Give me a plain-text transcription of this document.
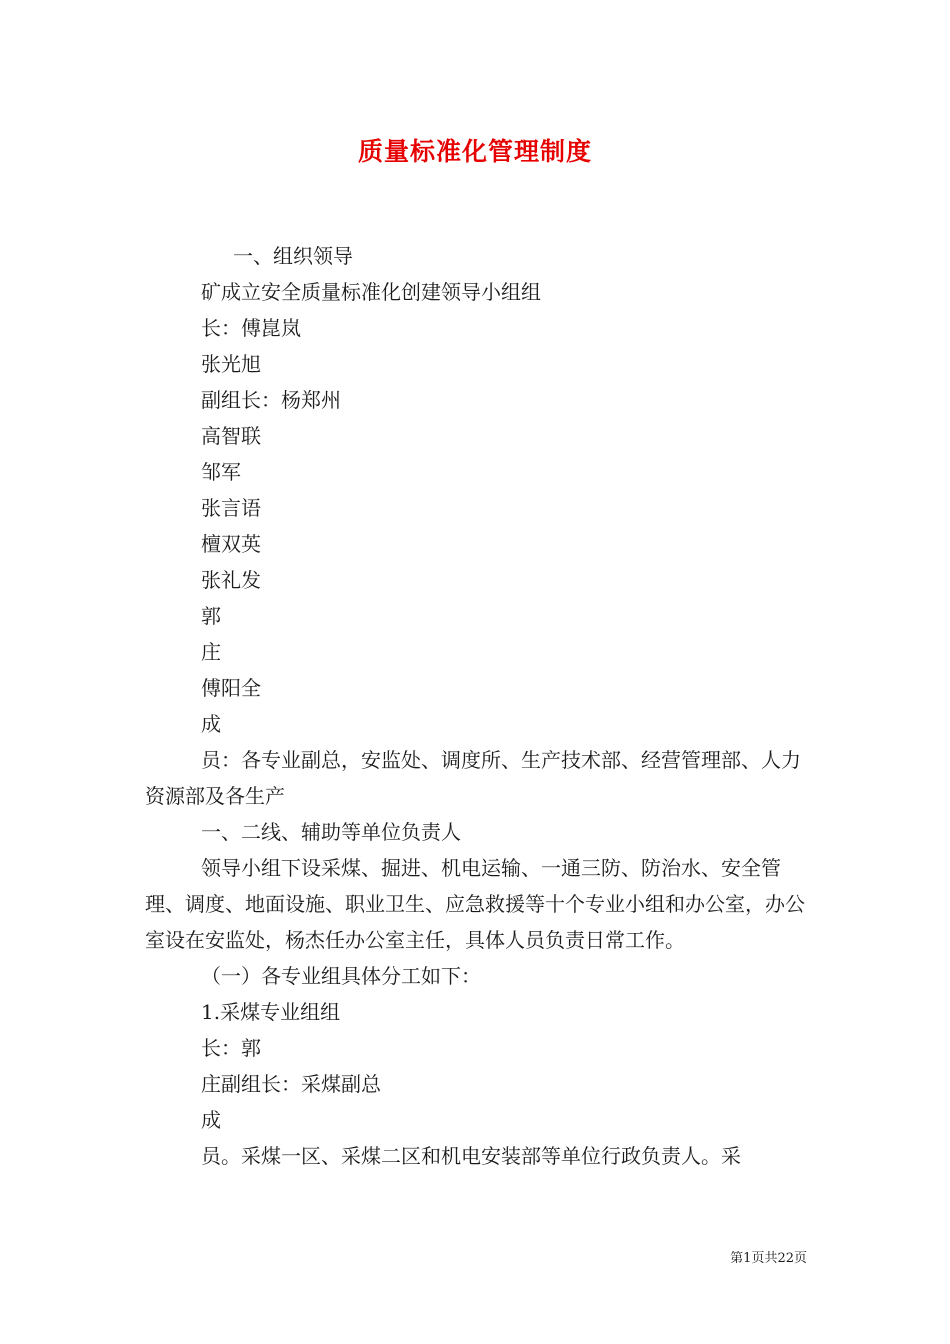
质量标准化管理制度

一、组织领导

矿成立安全质量标准化创建领导小组组

长：傅崑岚

张光旭

副组长：杨郑州

高智联

邹军

张言语

檀双英

张礼发

郭

庄

傅阳全

成

员：各专业副总，安监处、调度所、生产技术部、经营管理部、人力资源部及各生产

一、二线、辅助等单位负责人

领导小组下设采煤、掘进、机电运输、一通三防、防治水、安全管理、调度、地面设施、职业卫生、应急救援等十个专业小组和办公室，办公室设在安监处，杨杰任办公室主任，具体人员负责日常工作。

（一）各专业组具体分工如下：

1.采煤专业组组

长：郭

庄副组长：采煤副总

成

员。采煤一区、采煤二区和机电安装部等单位行政负责人。采

第1页共22页
